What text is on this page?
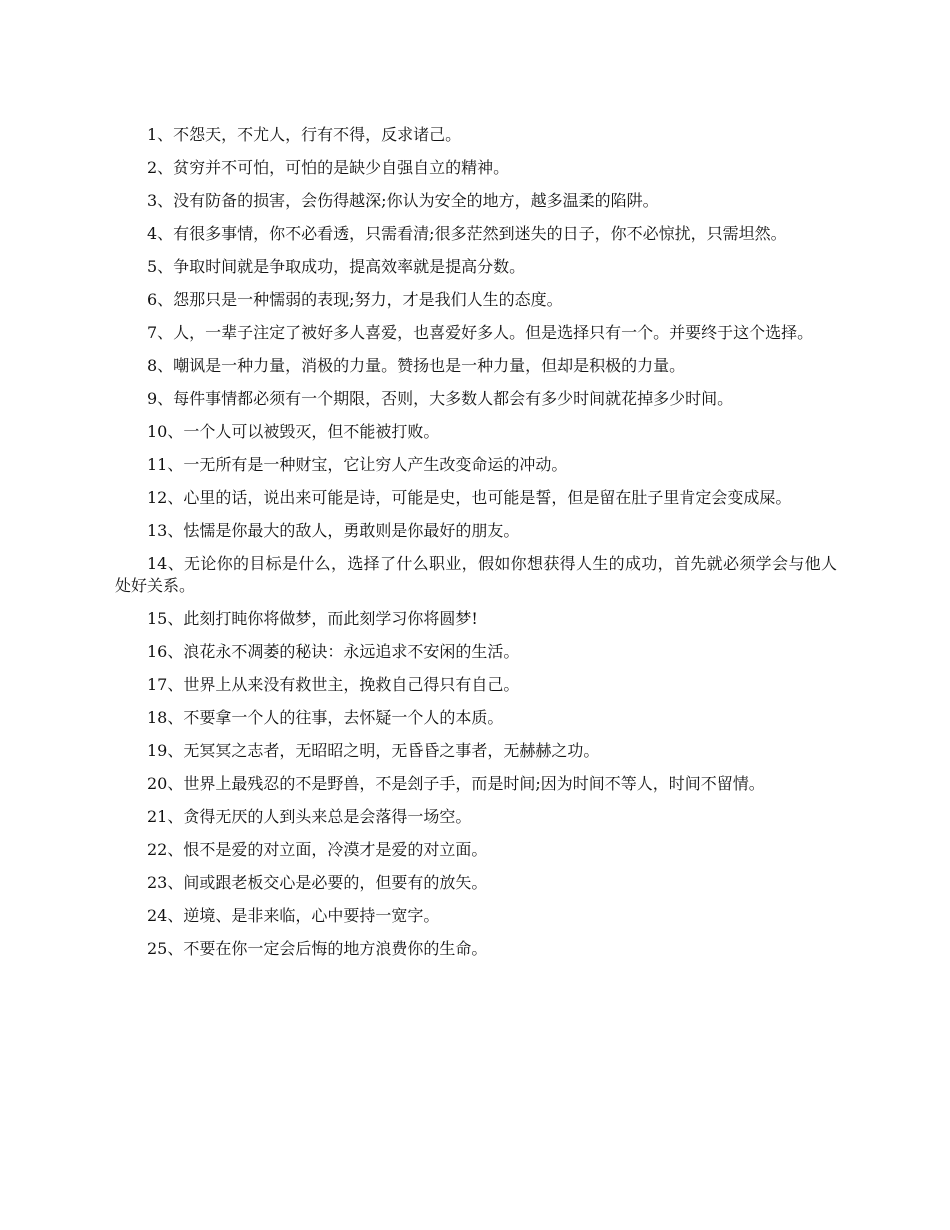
1、不怨天，不尤人，行有不得，反求诸己。

2、贫穷并不可怕，可怕的是缺少自强自立的精神。

3、没有防备的损害，会伤得越深;你认为安全的地方，越多温柔的陷阱。

4、有很多事情，你不必看透，只需看清;很多茫然到迷失的日子，你不必惊扰，只需坦然。

5、争取时间就是争取成功，提高效率就是提高分数。

6、怨那只是一种懦弱的表现;努力，才是我们人生的态度。

7、人，一辈子注定了被好多人喜爱，也喜爱好多人。但是选择只有一个。并要终于这个选择。

8、嘲讽是一种力量，消极的力量。赞扬也是一种力量，但却是积极的力量。

9、每件事情都必须有一个期限，否则，大多数人都会有多少时间就花掉多少时间。

10、一个人可以被毁灭，但不能被打败。

11、一无所有是一种财宝，它让穷人产生改变命运的冲动。

12、心里的话，说出来可能是诗，可能是史，也可能是誓，但是留在肚子里肯定会变成屎。

13、怯懦是你最大的敌人，勇敢则是你最好的朋友。

14、无论你的目标是什么，选择了什么职业，假如你想获得人生的成功，首先就必须学会与他人处好关系。

15、此刻打盹你将做梦，而此刻学习你将圆梦!

16、浪花永不凋萎的秘诀：永远追求不安闲的生活。

17、世界上从来没有救世主，挽救自己得只有自己。

18、不要拿一个人的往事，去怀疑一个人的本质。

19、无冥冥之志者，无昭昭之明，无昏昏之事者，无赫赫之功。

20、世界上最残忍的不是野兽，不是刽子手，而是时间;因为时间不等人，时间不留情。

21、贪得无厌的人到头来总是会落得一场空。

22、恨不是爱的对立面，冷漠才是爱的对立面。

23、间或跟老板交心是必要的，但要有的放矢。

24、逆境、是非来临，心中要持一宽字。

25、不要在你一定会后悔的地方浪费你的生命。
